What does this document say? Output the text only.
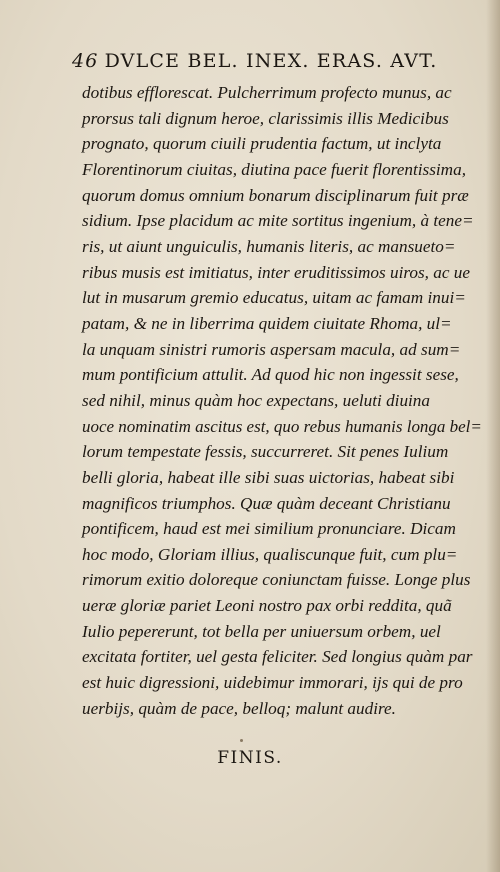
46 DVLCE BEL. INEX. ERAS. AVT.
dotibus efflorescat. Pulcherrimum profecto munus, ac
prorsus tali dignum heroe, clarissimis illis Medicibus
prognato, quorum ciuili prudentia factum, ut inclyta
Florentinorum ciuitas, diutina pace fuerit florentissima,
quorum domus omnium bonarum disciplinarum fuit præ
sidium. Ipse placidum ac mite sortitus ingenium, à tene=
ris, ut aiunt unguiculis, humanis literis, ac mansueto=
ribus musis est imitiatus, inter eruditissimos uiros, ac ue
lut in musarum gremio educatus, uitam ac famam inui=
patam, & ne in liberrima quidem ciuitate Rhoma, ul=
la unquam sinistri rumoris aspersam macula, ad sum=
mum pontificium attulit. Ad quod hic non ingessit sese,
sed nihil, minus quàm hoc expectans, ueluti diuina
uoce nominatim ascitus est, quo rebus humanis longa bel=
lorum tempestate fessis, succurreret. Sit penes Iulium
belli gloria, habeat ille sibi suas uictorias, habeat sibi
magnificos triumphos. Quæ quàm deceant Christianu
pontificem, haud est mei similium pronunciare. Dicam
hoc modo, Gloriam illius, qualiscunque fuit, cum plu=
rimorum exitio doloreque coniunctam fuisse. Longe plus
ueræ gloriæ pariet Leoni nostro pax orbi reddita, quã
Iulio pepererunt, tot bella per uniuersum orbem, uel
excitata fortiter, uel gesta feliciter. Sed longius quàm par
est huic digressioni, uidebimur immorari, ijs qui de pro
uerbijs, quàm de pace, belloq; malunt audire.
FINIS.
